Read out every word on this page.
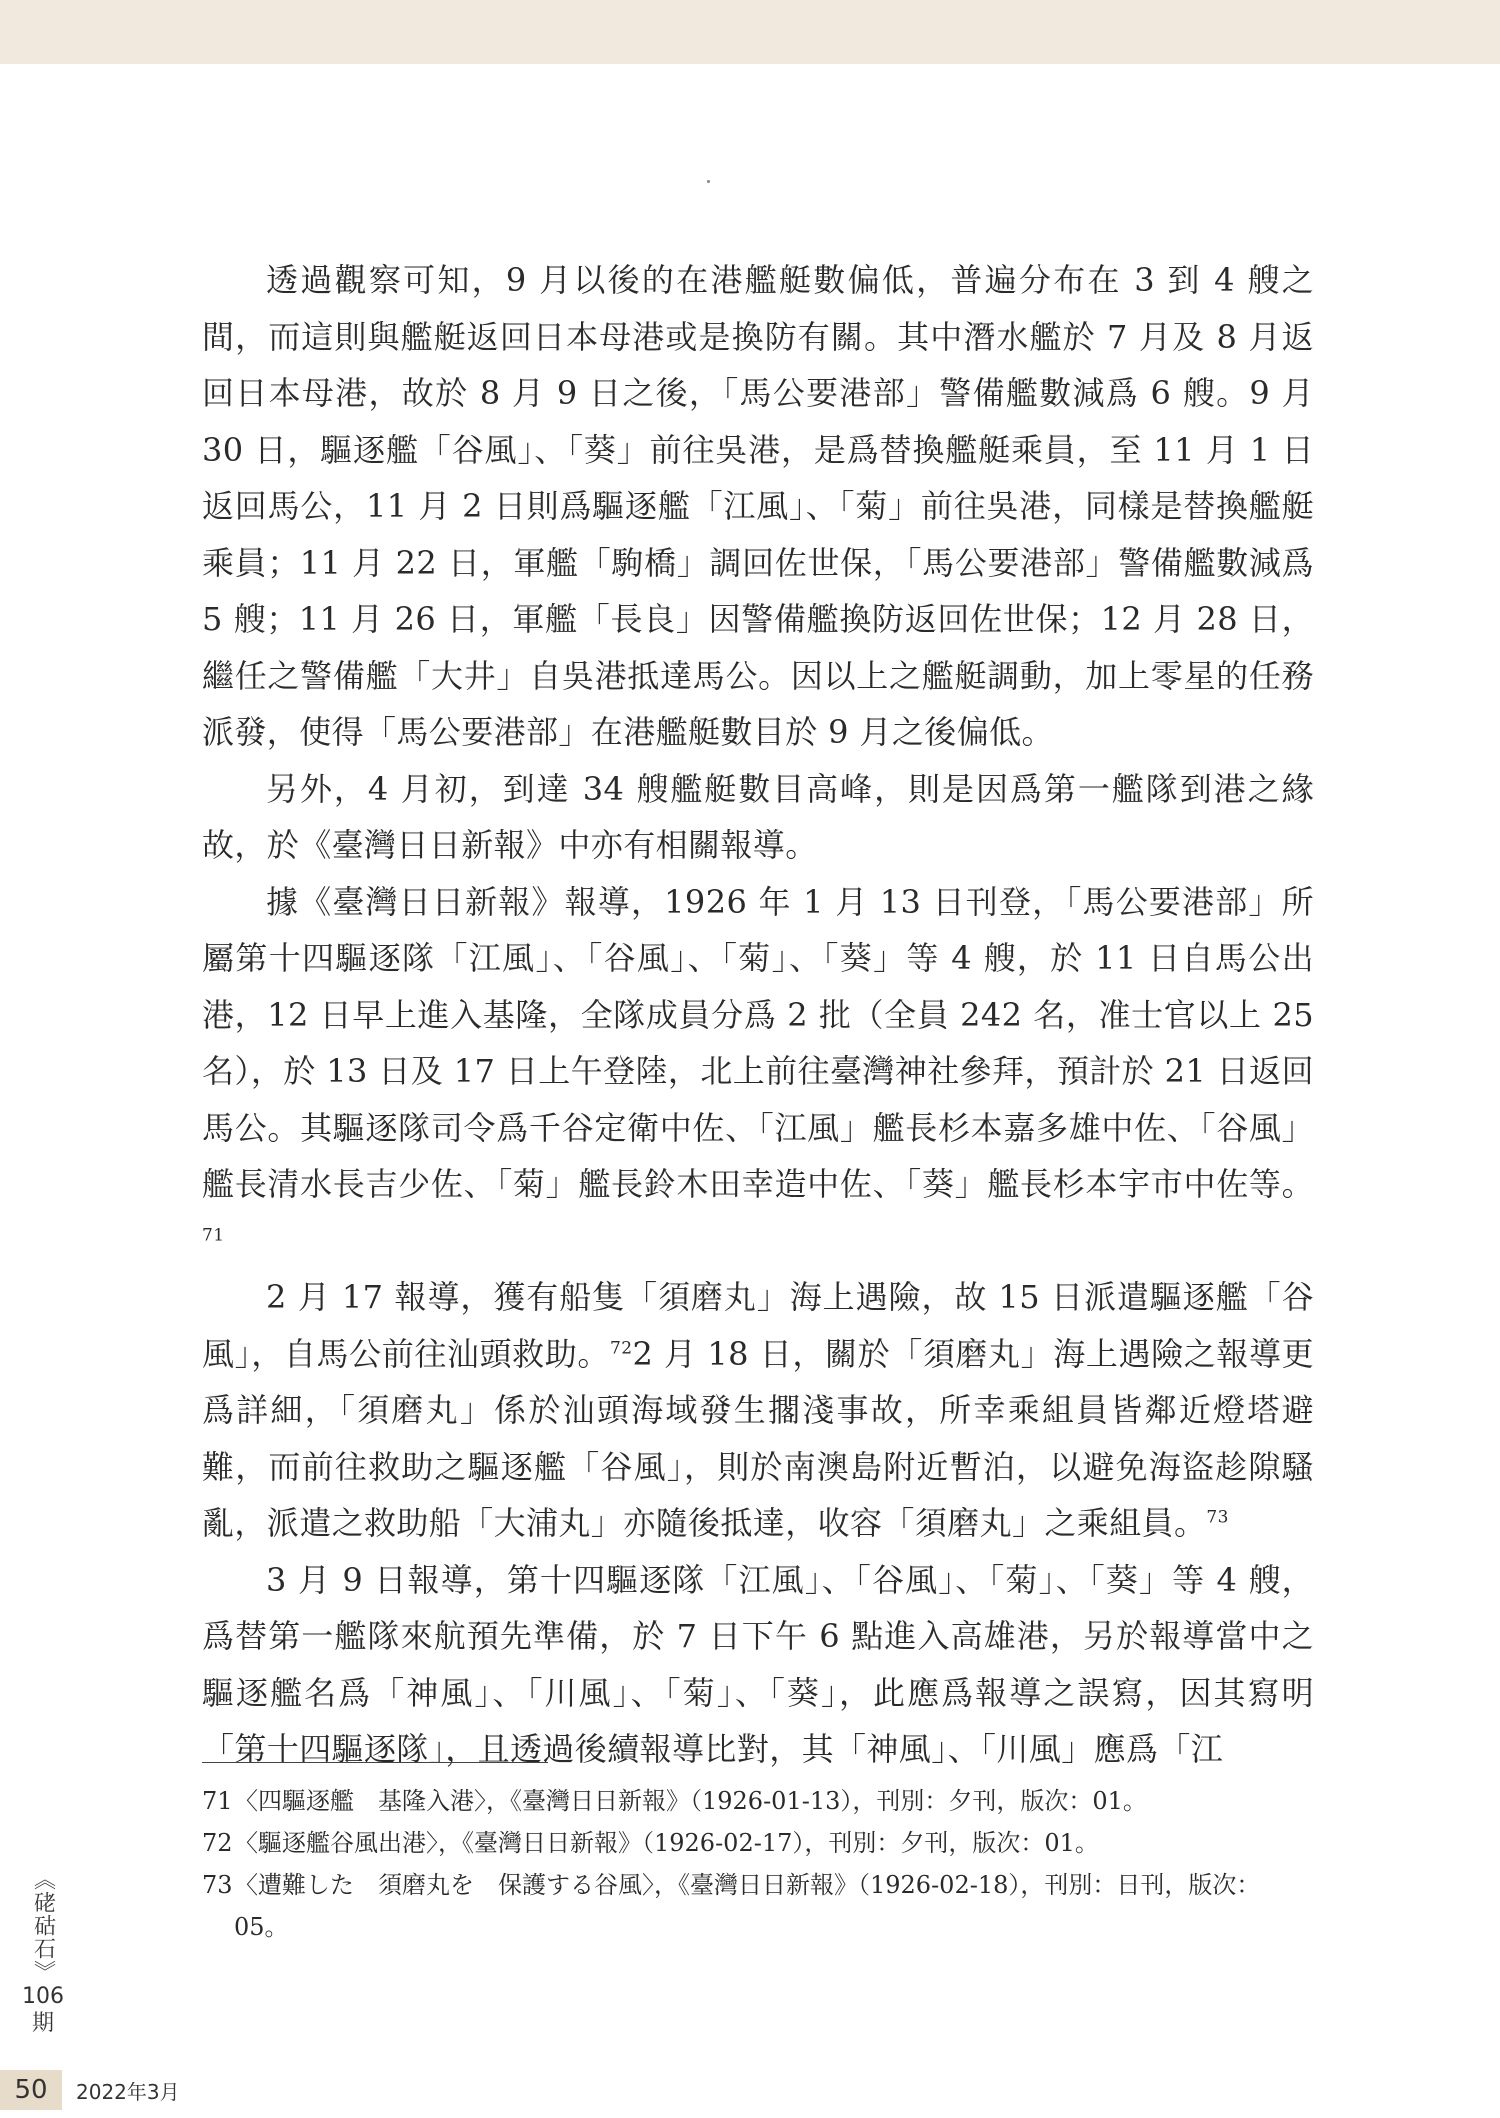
透過觀察可知，9 月以後的在港艦艇數偏低，普遍分布在 3 到 4 艘之間，而這則與艦艇返回日本母港或是換防有關。其中潛水艦於 7 月及 8 月返回日本母港，故於 8 月 9 日之後，「馬公要港部」警備艦數減爲 6 艘。9 月 30 日，驅逐艦「谷風」、「葵」前往吳港，是爲替換艦艇乘員，至 11 月 1 日返回馬公，11 月 2 日則爲驅逐艦「江風」、「菊」前往吳港，同樣是替換艦艇乘員；11 月 22 日，軍艦「駒橋」調回佐世保，「馬公要港部」警備艦數減爲 5 艘；11 月 26 日，軍艦「長良」因警備艦換防返回佐世保；12 月 28 日，繼任之警備艦「大井」自吳港抵達馬公。因以上之艦艇調動，加上零星的任務派發，使得「馬公要港部」在港艦艇數目於 9 月之後偏低。

另外，4 月初，到達 34 艘艦艇數目高峰，則是因爲第一艦隊到港之緣故，於《臺灣日日新報》中亦有相關報導。

據《臺灣日日新報》報導，1926 年 1 月 13 日刊登，「馬公要港部」所屬第十四驅逐隊「江風」、「谷風」、「菊」、「葵」等 4 艘，於 11 日自馬公出港，12 日早上進入基隆，全隊成員分爲 2 批（全員 242 名，准士官以上 25 名），於 13 日及 17 日上午登陸，北上前往臺灣神社參拜，預計於 21 日返回馬公。其驅逐隊司令爲千谷定衛中佐、「江風」艦長杉本嘉多雄中佐、「谷風」艦長清水長吉少佐、「菊」艦長鈴木田幸造中佐、「葵」艦長杉本宇市中佐等。$^{71}$

2 月 17 報導，獲有船隻「須磨丸」海上遇險，故 15 日派遣驅逐艦「谷風」，自馬公前往汕頭救助。$^{72}$2 月 18 日，關於「須磨丸」海上遇險之報導更爲詳細，「須磨丸」係於汕頭海域發生擱淺事故，所幸乘組員皆鄰近燈塔避難，而前往救助之驅逐艦「谷風」，則於南澳島附近暫泊，以避免海盜趁隙騷亂，派遣之救助船「大浦丸」亦隨後抵達，收容「須磨丸」之乘組員。$^{73}$

3 月 9 日報導，第十四驅逐隊「江風」、「谷風」、「菊」、「葵」等 4 艘，爲替第一艦隊來航預先準備，於 7 日下午 6 點進入高雄港，另於報導當中之驅逐艦名爲「神風」、「川風」、「菊」、「葵」，此應爲報導之誤寫，因其寫明「第十四驅逐隊」，且透過後續報導比對，其「神風」、「川風」應爲「江

71 〈四驅逐艦　基隆入港〉，《臺灣日日新報》（1926-01-13），刊別：夕刊，版次：01。
72 〈驅逐艦谷風出港〉，《臺灣日日新報》（1926-02-17），刊別：夕刊，版次：01。
73 〈遭難した　須磨丸を　保護する谷風〉，《臺灣日日新報》（1926-02-18），刊別：日刊，版次：05。
《硓𥑮石》
106
期
50 2022年3月
